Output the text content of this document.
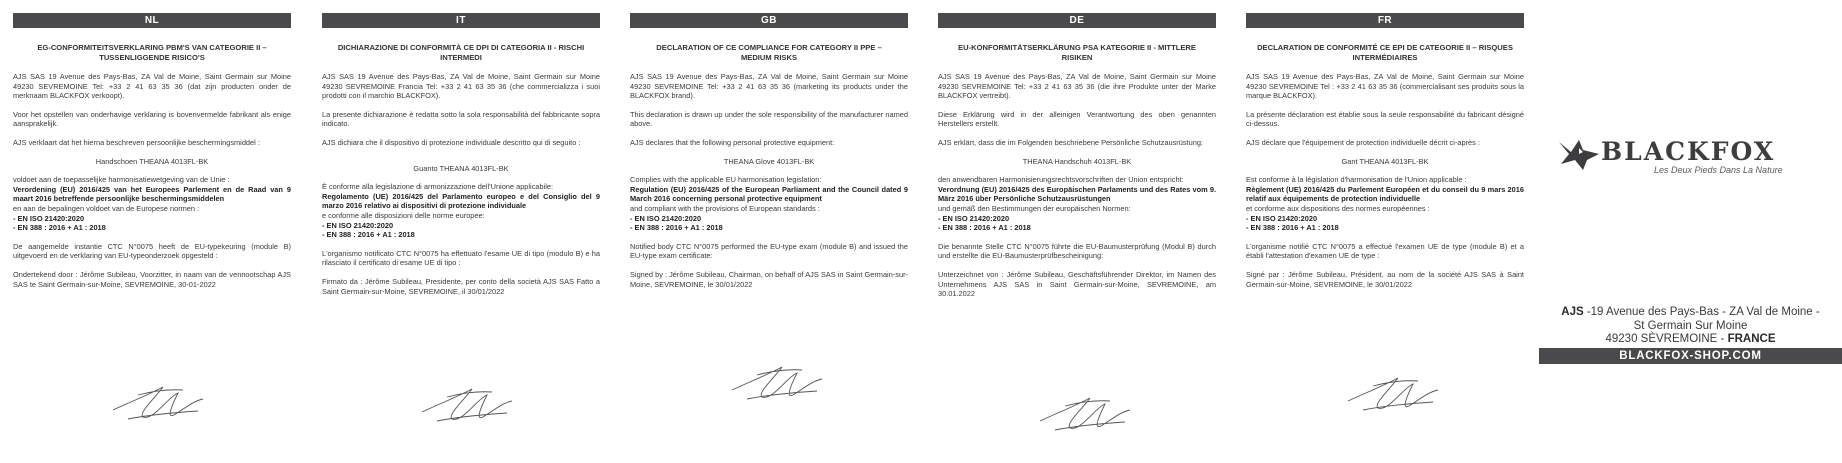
NL
EG-CONFORMITEITSVERKLARING PBM'S VAN CATEGORIE II – TUSSENLIGGENDE RISICO'S
AJS SAS 19 Avenue des Pays-Bas, ZA Val de Moine, Saint Germain sur Moine 49230 SEVREMOINE Tel: +33 2 41 63 35 36 (dat zijn producten onder de merknaam BLACKFOX verkoopt).
Voor het opstellen van onderhavige verklaring is bovenvermelde fabrikant als enige aansprakelijk.
AJS verklaart dat het hierna beschreven persoonlijke beschermingsmiddel :
Handschoen THEANA 4013FL-BK
voldoet aan de toepasselijke harmonisatiewetgeving van de Unie :
Verordening (EU) 2016/425 van het Europees Parlement en de Raad van 9 maart 2016 betreffende persoonlijke beschermingsmiddelen
en aan de bepalingen voldoet van de Europese normen :
- EN ISO 21420:2020
- EN 388 : 2016 + A1 : 2018
De aangemelde instantie CTC N°0075 heeft de EU-typekeuring (module B) uitgevoerd en de verklaring van EU-typeonderzoek opgesteld :
Ondertekend door : Jérôme Subileau, Voorzitter, in naam van de vennootschap AJS SAS te Saint Germain-sur-Moine, SEVREMOINE, 30-01-2022
IT
DICHIARAZIONE DI CONFORMITÀ CE DPI DI CATEGORIA II - RISCHI INTERMEDI
AJS SAS 19 Avenue des Pays-Bas, ZA Val de Moine, Saint Germain sur Moine 49230 SEVREMOINE Francia Tel: +33 2 41 63 35 36 (che commercializza i suoi prodotti con il marchio BLACKFOX).
La presente dichiarazione è redatta sotto la sola responsabilità del fabbricante sopra indicato.
AJS dichiara che il dispositivo di protezione individuale descritto qui di seguito :
Guanto THEANA 4013FL-BK
È conforme alla legislazione di armonizzazione dell'Unione applicabile:
Regolamento (UE) 2016/425 del Parlamento europeo e del Consiglio del 9 marzo 2016 relativo ai dispositivi di protezione individuale
e conforme alle disposizioni delle norme europee:
- EN ISO 21420:2020
- EN 388 : 2016 + A1 : 2018
L'organismo notificato CTC N°0075 ha effettuato l'esame UE di tipo (modulo B) e ha rilasciato il certificato di esame UE di tipo :
Firmato da : Jérôme Subileau, Presidente, per conto della società AJS SAS Fatto a Saint Germain-sur-Moine, SEVREMOINE, il 30/01/2022
GB
DECLARATION OF CE COMPLIANCE FOR CATEGORY II PPE – MEDIUM RISKS
AJS SAS 19 Avenue des Pays-Bas, ZA Val de Moine, Saint Germain sur Moine 49230 SEVREMOINE Tel: +33 2 41 63 35 36 (marketing its products under the BLACKFOX brand).
This declaration is drawn up under the sole responsibility of the manufacturer named above.
AJS declares that the following personal protective equipment:
THEANA Glove 4013FL-BK
Complies with the applicable EU harmonisation legislation:
Regulation (EU) 2016/425 of the European Parliament and the Council dated 9 March 2016 concerning personal protective equipment
and compliant with the provisions of European standards :
- EN ISO 21420:2020
- EN 388 : 2016 + A1 : 2018
Notified body CTC N°0075 performed the EU-type exam (module B) and issued the EU-type exam certificate:
Signed by : Jérôme Subileau, Chairman, on behalf of AJS SAS in Saint Germain-sur-Moine, SEVREMOINE, le 30/01/2022
DE
EU-KONFORMITÄTSERKLÄRUNG PSA KATEGORIE II - MITTLERE RISIKEN
AJS SAS 19 Avenue des Pays-Bas, ZA Val de Moine, Saint Germain sur Moine 49230 SEVREMOINE Tel: +33 2 41 63 35 36 (die ihre Produkte unter der Marke BLACKFOX vertreibt).
Diese Erklärung wird in der alleinigen Verantwortung des oben genannten Herstellers erstellt.
AJS erklärt, dass die im Folgenden beschriebene Persönliche Schutzausrüstung:
THEANA Handschuh 4013FL-BK
den anwendbaren Harmonisierungsrechtsvorschriften der Union entspricht:
Verordnung (EU) 2016/425 des Europäischen Parlaments und des Rates vom 9. März 2016 über Persönliche Schutzausrüstungen
und gemäß den Bestimmungen der europäischen Normen:
- EN ISO 21420:2020
- EN 388 : 2016 + A1 : 2018
Die benannte Stelle CTC N°0075 führte die EU-Baumusterprüfung (Modul B) durch und erstellte die EU-Baumusterprüfbescheinigung:
Unterzeichnet von : Jérôme Subileau, Geschäftsführender Direktor, im Namen des Unternehmens AJS SAS in Saint Germain-sur-Moine, SEVREMOINE, am 30.01.2022
FR
DECLARATION DE CONFORMITÉ CE EPI DE CATEGORIE II – RISQUES INTERMÉDIAIRES
AJS SAS 19 Avenue des Pays-Bas, ZA Val de Moine, Saint Germain sur Moine 49230 SEVREMOINE Tel : +33 2 41 63 35 36 (commercialisant ses produits sous la marque BLACKFOX).
La présente déclaration est établie sous la seule responsabilité du fabricant désigné ci-dessus.
AJS déclare que l'équipement de protection individuelle décrit ci-après :
Gant THEANA 4013FL-BK
Est conforme à la législation d'harmonisation de l'Union applicable :
Règlement (UE) 2016/425 du Parlement Européen et du conseil du 9 mars 2016 relatif aux équipements de protection individuelle
et conforme aux dispositions des normes européennes :
- EN ISO 21420:2020
- EN 388 : 2016 + A1 : 2018
L'organisme notifié CTC N°0075 a effectué l'examen UE de type (module B) et a établi l'attestation d'examen UE de type :
Signé par : Jérôme Subileau, Président, au nom de la société AJS SAS à Saint Germain-sur-Moine, SEVREMOINE, le 30/01/2022
BLACKFOX
Les Deux Pieds Dans La Nature
AJS -19 Avenue des Pays-Bas - ZA Val de Moine -
St Germain Sur Moine
49230 SÈVREMOINE - FRANCE
BLACKFOX-SHOP.COM
